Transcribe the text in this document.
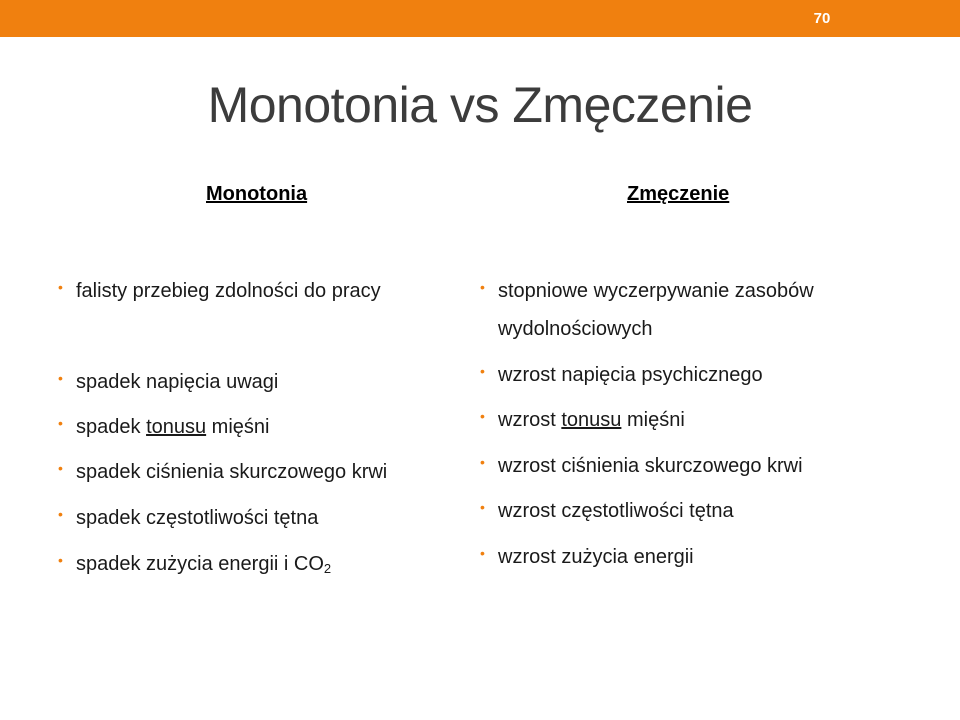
70
Monotonia vs Zmęczenie
Monotonia	Zmęczenie
• falisty przebieg zdolności do pracy
• spadek napięcia uwagi
• spadek tonusu mięśni
• spadek ciśnienia skurczowego krwi
• spadek częstotliwości tętna
• spadek zużycia energii i $CO_2$
• stopniowe wyczerpywanie zasobów
wydolnościowych
• wzrost napięcia psychicznego
• wzrost tonusu mięśni
• wzrost ciśnienia skurczowego krwi
• wzrost częstotliwości tętna
• wzrost zużycia energii
